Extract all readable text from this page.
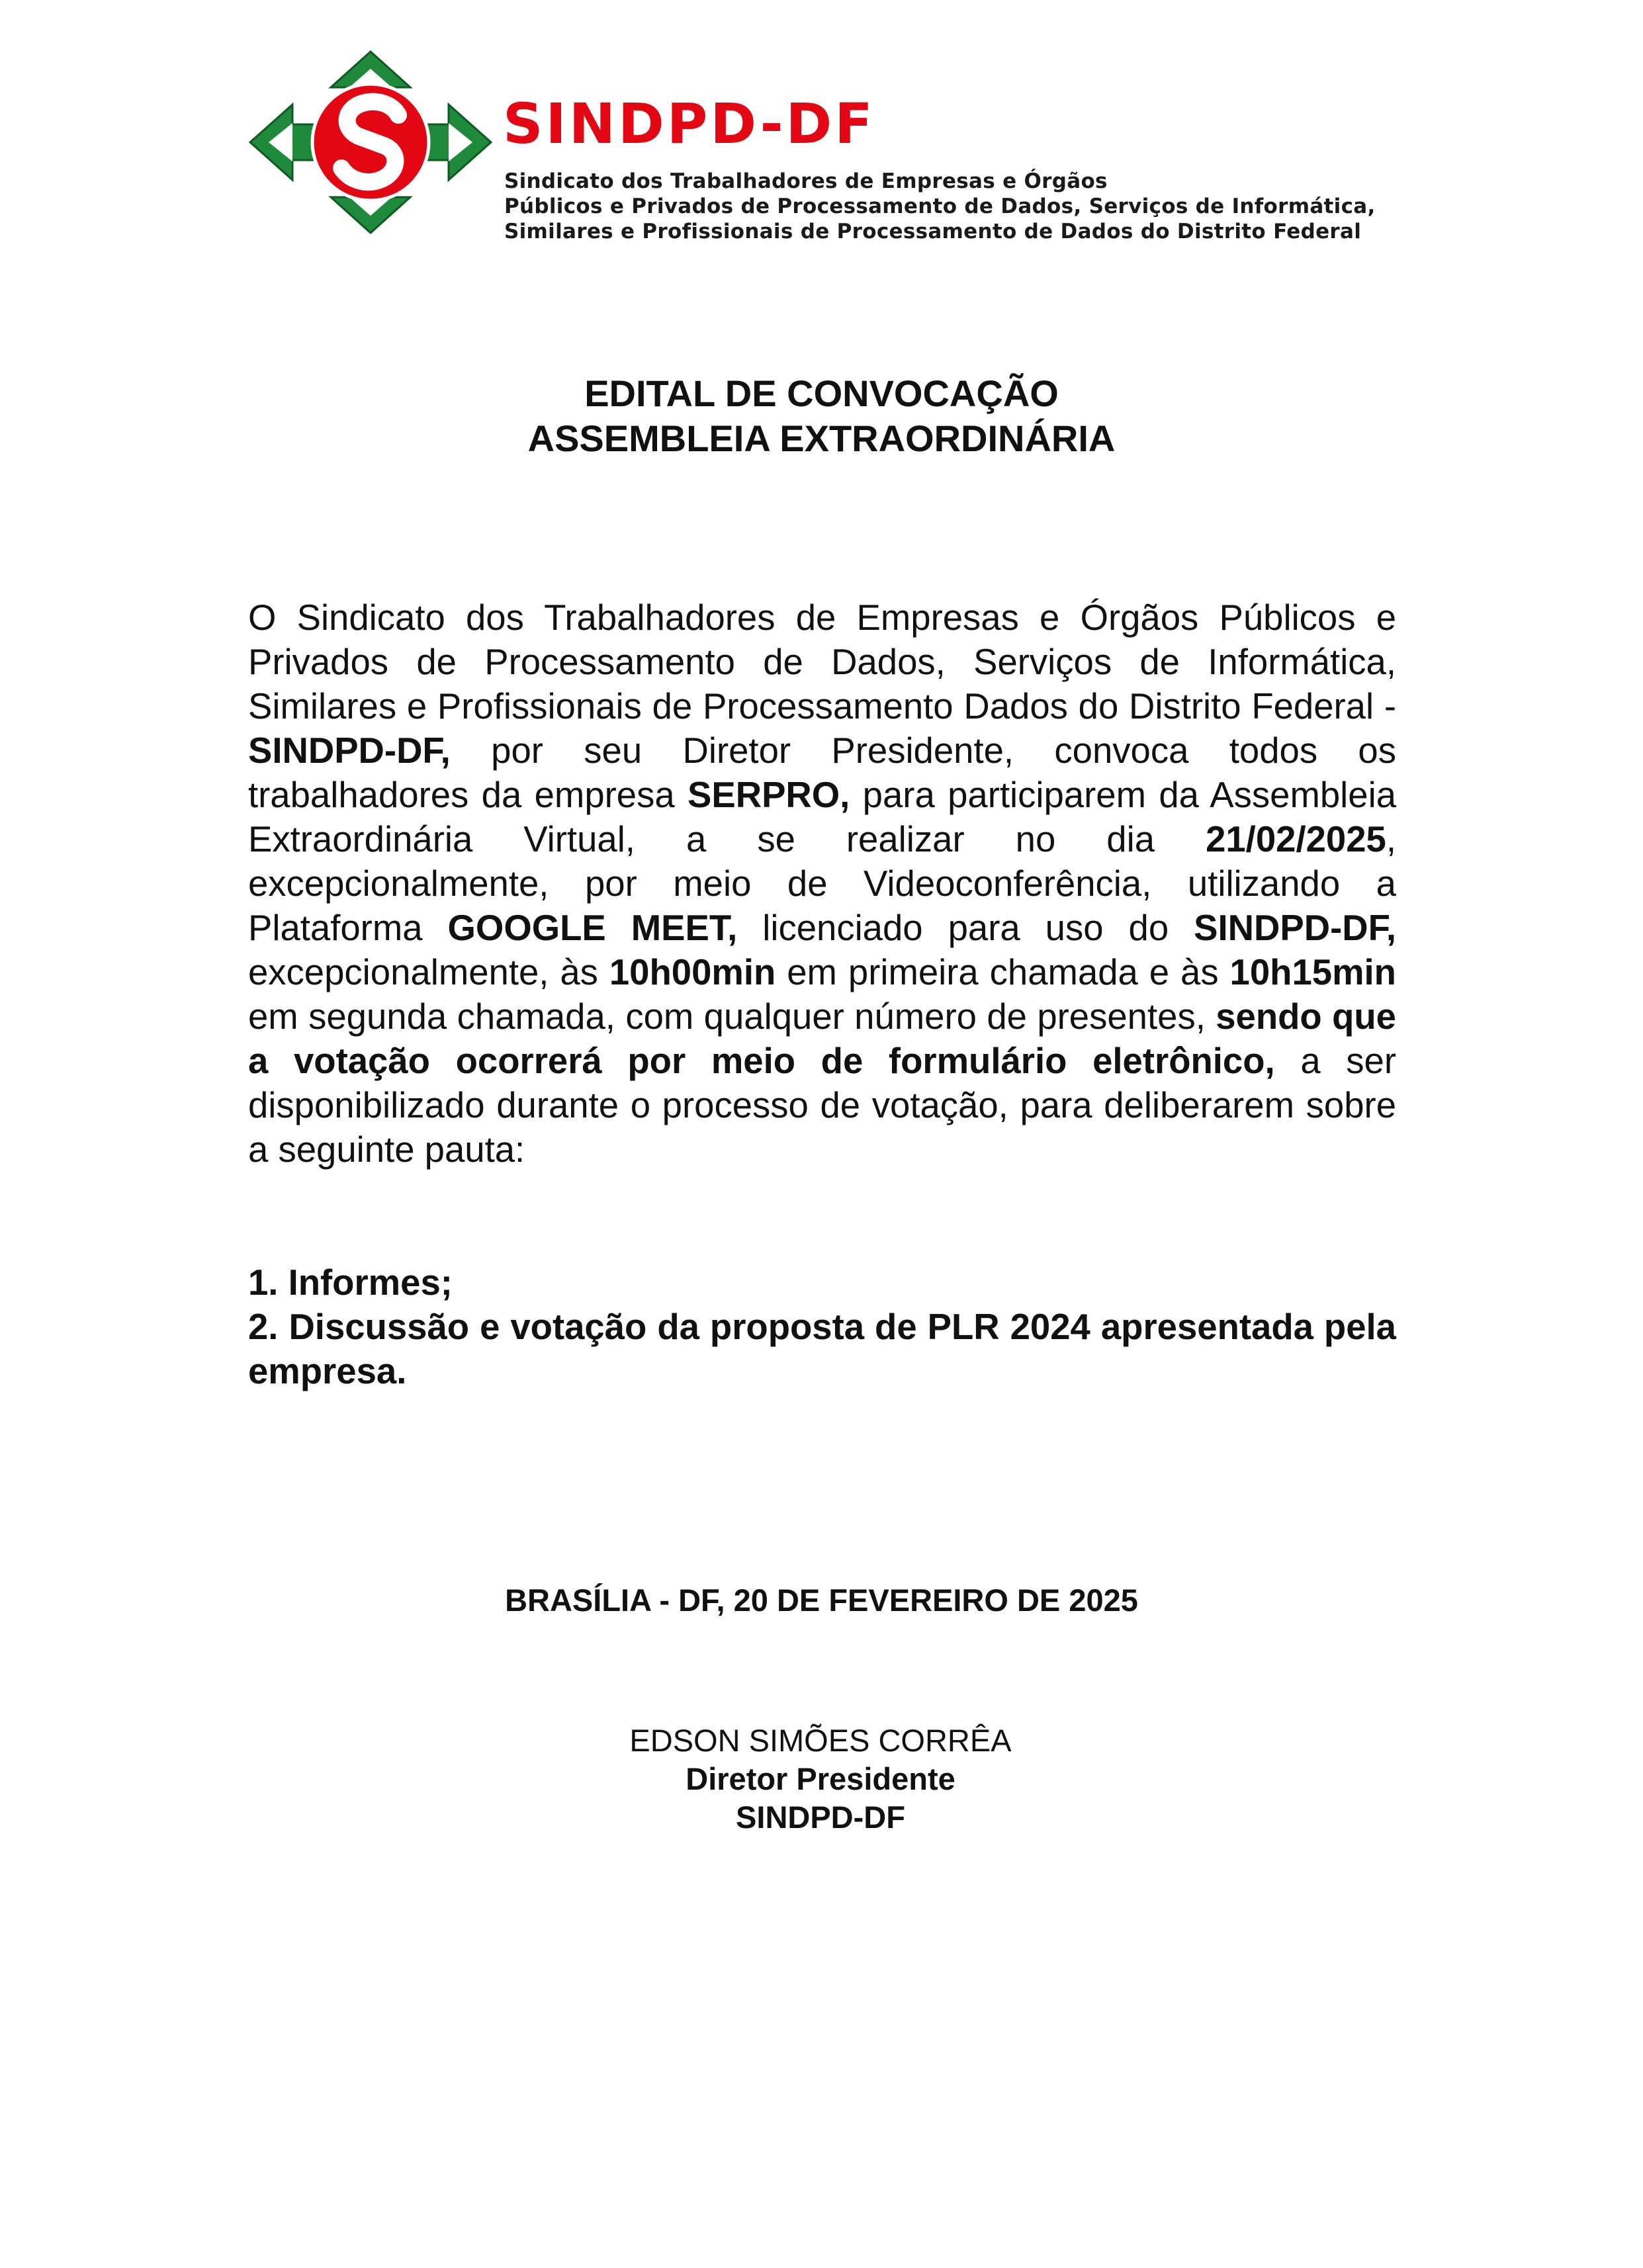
SINDPD-DF
Sindicato dos Trabalhadores de Empresas e Órgãos
Públicos e Privados de Processamento de Dados, Serviços de Informática,
Similares e Profissionais de Processamento de Dados do Distrito Federal
EDITAL DE CONVOCAÇÃO
ASSEMBLEIA EXTRAORDINÁRIA

O Sindicato dos Trabalhadores de Empresas e Órgãos Públicos e Privados de Processamento de Dados, Serviços de Informática, Similares e Profissionais de Processamento Dados do Distrito Federal - SINDPD-DF, por seu Diretor Presidente, convoca todos os trabalhadores da empresa SERPRO, para participarem da Assembleia Extraordinária Virtual, a se realizar no dia 21/02/2025, excepcionalmente, por meio de Videoconferência, utilizando a Plataforma GOOGLE MEET, licenciado para uso do SINDPD-DF, excepcionalmente, às 10h00min em primeira chamada e às 10h15min em segunda chamada, com qualquer número de presentes, sendo que a votação ocorrerá por meio de formulário eletrônico, a ser disponibilizado durante o processo de votação, para deliberarem sobre a seguinte pauta:

1. Informes;
2. Discussão e votação da proposta de PLR 2024 apresentada pela empresa.
BRASÍLIA - DF, 20 DE FEVEREIRO DE 2025
EDSON SIMÕES CORRÊA
Diretor Presidente
SINDPD-DF
